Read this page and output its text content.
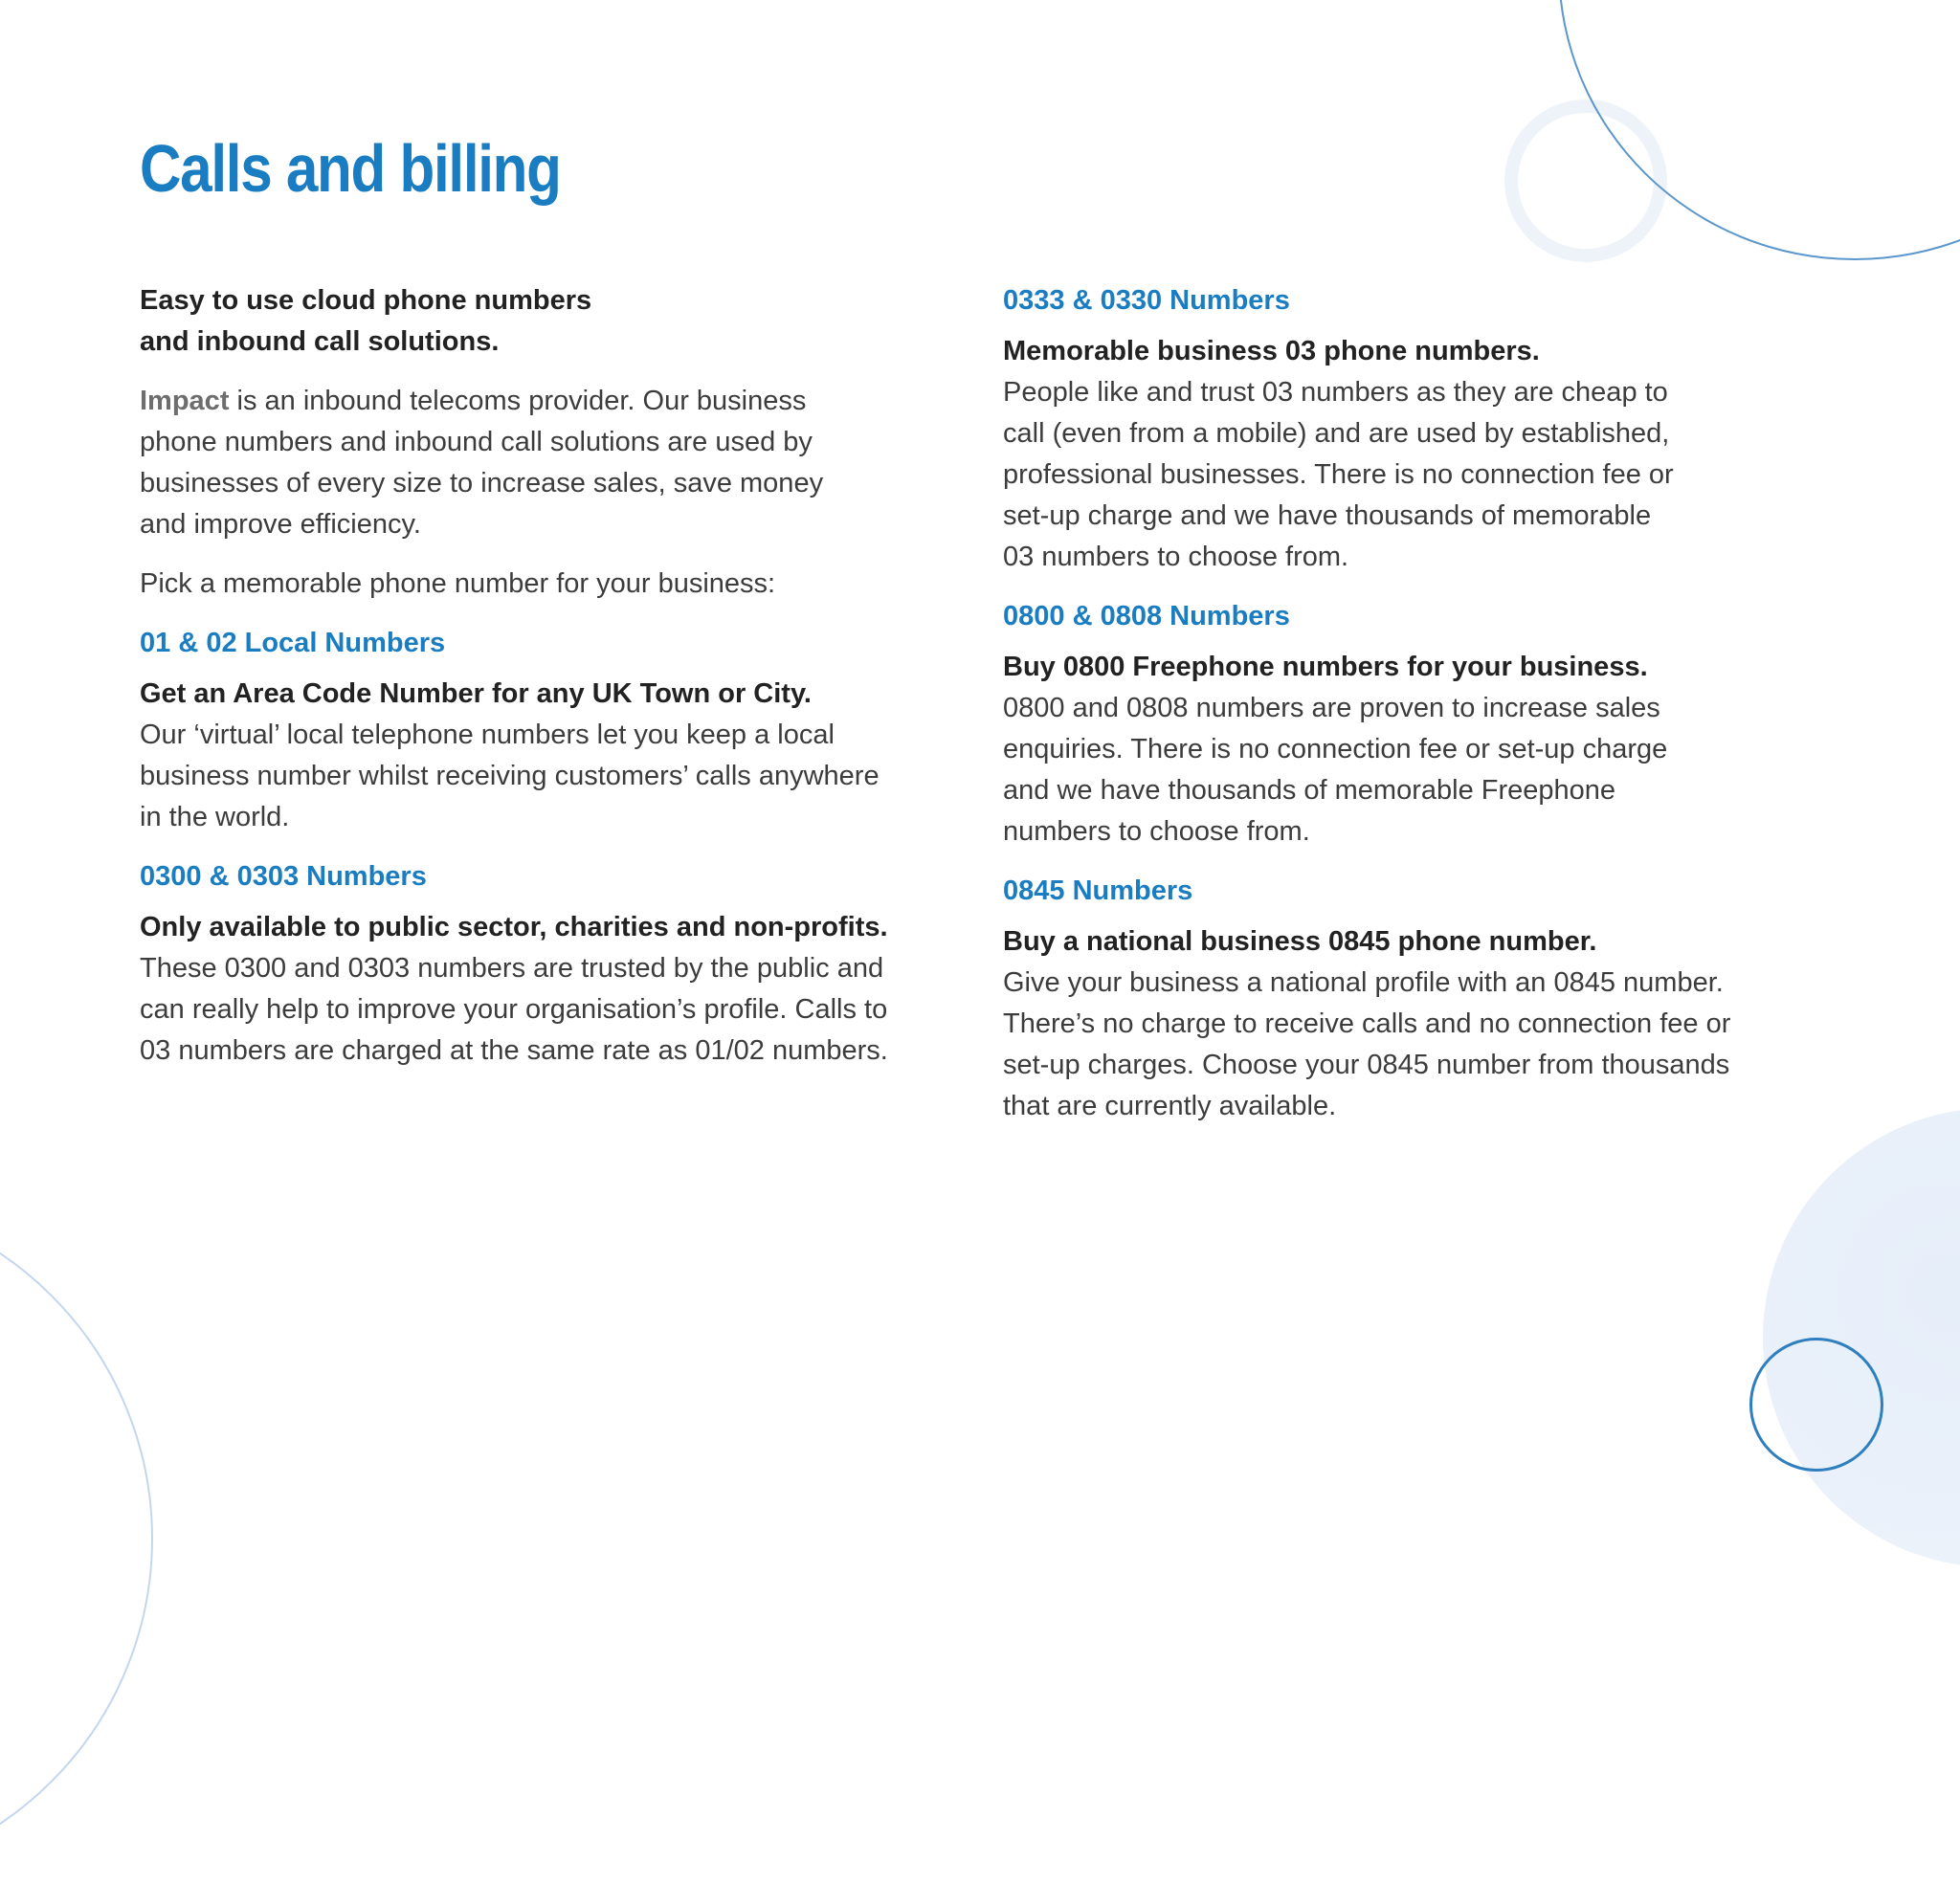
Calls and billing

Easy to use cloud phone numbers
and inbound call solutions.

Impact is an inbound telecoms provider. Our business
phone numbers and inbound call solutions are used by
businesses of every size to increase sales, save money
and improve efficiency.

Pick a memorable phone number for your business:

01 & 02 Local Numbers

Get an Area Code Number for any UK Town or City.

Our ‘virtual’ local telephone numbers let you keep a local
business number whilst receiving customers’ calls anywhere
in the world.

0300 & 0303 Numbers

Only available to public sector, charities and non-profits.

These 0300 and 0303 numbers are trusted by the public and
can really help to improve your organisation’s profile. Calls to
03 numbers are charged at the same rate as 01/02 numbers.

0333 & 0330 Numbers

Memorable business 03 phone numbers.

People like and trust 03 numbers as they are cheap to
call (even from a mobile) and are used by established,
professional businesses. There is no connection fee or
set-up charge and we have thousands of memorable
03 numbers to choose from.

0800 & 0808 Numbers

Buy 0800 Freephone numbers for your business.

0800 and 0808 numbers are proven to increase sales
enquiries. There is no connection fee or set-up charge
and we have thousands of memorable Freephone
numbers to choose from.

0845 Numbers

Buy a national business 0845 phone number.

Give your business a national profile with an 0845 number.
There’s no charge to receive calls and no connection fee or
set-up charges. Choose your 0845 number from thousands
that are currently available.
